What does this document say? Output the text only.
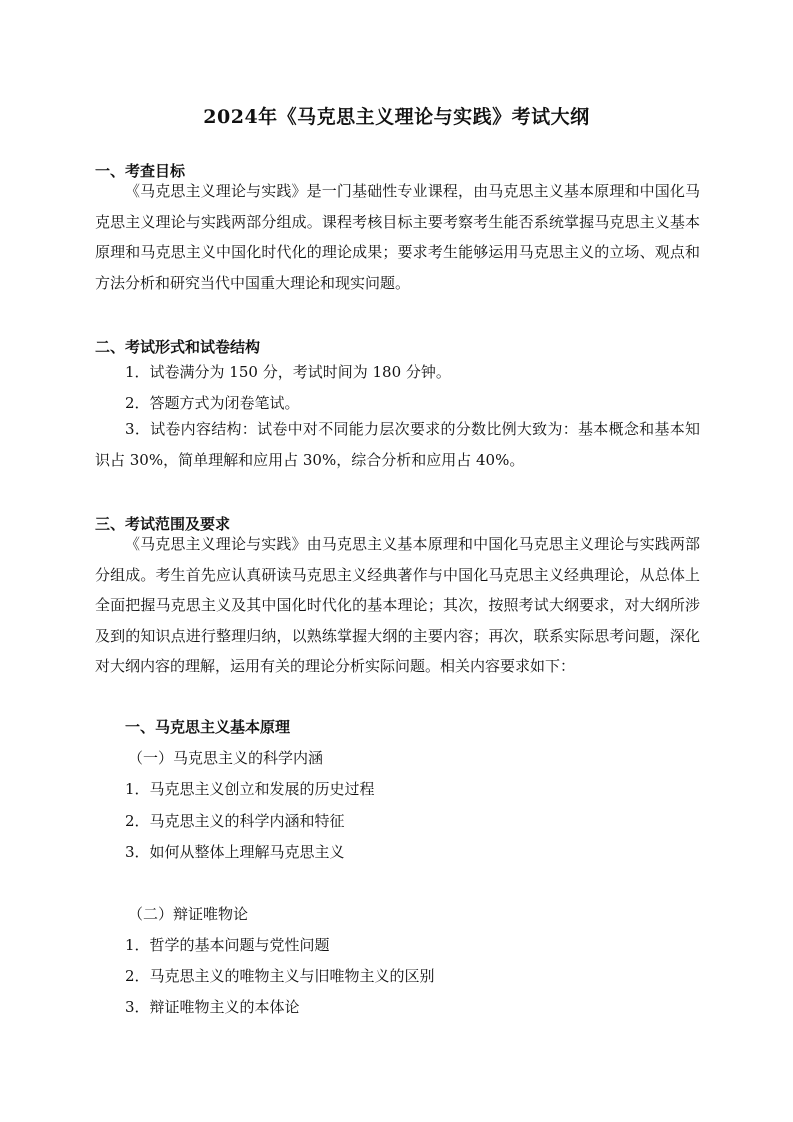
2024年《马克思主义理论与实践》考试大纲
一、考查目标
《马克思主义理论与实践》是一门基础性专业课程，由马克思主义基本原理和中国化马克思主义理论与实践两部分组成。课程考核目标主要考察考生能否系统掌握马克思主义基本原理和马克思主义中国化时代化的理论成果；要求考生能够运用马克思主义的立场、观点和方法分析和研究当代中国重大理论和现实问题。
二、考试形式和试卷结构
1．试卷满分为 150 分，考试时间为 180 分钟。
2．答题方式为闭卷笔试。
3．试卷内容结构：试卷中对不同能力层次要求的分数比例大致为：基本概念和基本知识占 30%，简单理解和应用占 30%，综合分析和应用占 40%。
三、考试范围及要求
《马克思主义理论与实践》由马克思主义基本原理和中国化马克思主义理论与实践两部分组成。考生首先应认真研读马克思主义经典著作与中国化马克思主义经典理论，从总体上全面把握马克思主义及其中国化时代化的基本理论；其次，按照考试大纲要求，对大纲所涉及到的知识点进行整理归纳，以熟练掌握大纲的主要内容；再次，联系实际思考问题，深化对大纲内容的理解，运用有关的理论分析实际问题。相关内容要求如下：
一、马克思主义基本原理
（一）马克思主义的科学内涵
1．马克思主义创立和发展的历史过程
2．马克思主义的科学内涵和特征
3．如何从整体上理解马克思主义
（二）辩证唯物论
1．哲学的基本问题与党性问题
2．马克思主义的唯物主义与旧唯物主义的区别
3．辩证唯物主义的本体论
